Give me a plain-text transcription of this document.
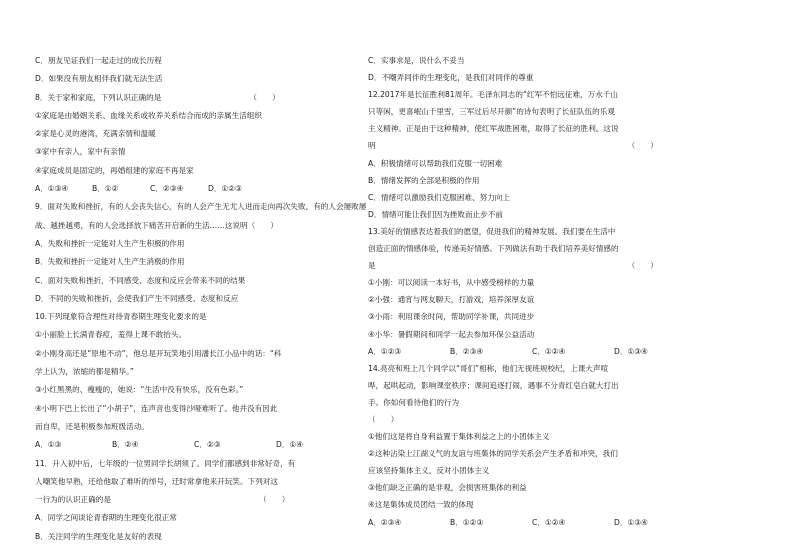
C．朋友见证我们一起走过的成长历程
D．如果没有朋友相伴我们就无法生活
8．关于家和家庭，下列认识正确的是	（　　）
①家庭是由婚姻关系、血缘关系或收养关系结合而成的亲属生活组织
②家是心灵的港湾，充满亲情和温暖
③家中有亲人，家中有亲情
④家庭成员是固定的，再婚组建的家庭不再是家
A．①③④	B．①②	C．②③④	D．①②③
9．面对失败和挫折，有的人会丧失信心，有的人会产生无尤人进而走向再次失败，有的人会屡败屡
战、越挫越勇，有的人会选择放下痛苦开启新的生活……这说明（　　）
A．失败和挫折一定能对人生产生积极的作用
B．失败和挫折一定能对人生产生消极的作用
C．面对失败和挫折，不同感受、态度和反应会带来不同的结果
D．不同的失败和挫折，会使我们产生不同感受、态度和反应
10.下列现象符合理性对待青春期生理变化要求的是
①小丽脸上长满青春痘，羞得上课不敢抬头。
②小刚身高还是“原地不动”，他总是开玩笑地引用潘长江小品中的话：“科
学上认为，浓缩的都是精华。”
③小红黑黑的、瘦瘦的，她说：“生活中没有快乐，没有色彩。”
④小明下巴上长出了“小胡子”，连声音也变得沙哑难听了。他并没有因此
而自卑，还是积极参加班级活动。
A．①③	B．②④	C．②③	D．①④
11．升入初中后，七年级的一位男同学长胡须了。同学们都感到非常好奇，有
人嘲笑他早熟，还给他取了难听的绰号，迁时常拿他来开玩笑。下列对这
一行为的认识正确的是	（　　）
A．同学之间谈论青春期的生理变化很正常
B．关注同学的生理变化是友好的表现
C．实事求是，说什么不妥当
D．不嘲弄同伴的生理变化，是我们对同伴的尊重
12.2017年是长征胜利81周年。毛泽东同志的“红军不怕远征难，万水千山
只等闲，更喜岷山千里雪，三军过后尽开颜”的诗句表明了长征队伍的乐观
主义精神。正是由于这种精神，使红军战胜困难，取得了长征的胜利。这说
明	（　　）
A．积极情绪可以帮助我们克服一切困难
B．情绪发挥的全部是积极的作用
C．情绪可以激励我们克服困难、努力向上
D．情绪可能让我们因为挫败而止步不前
13.美好的情感表达着我们的愿望，促进我们的精神发展。我们要在生活中
创造正面的情感体验，传递美好情感。下列做法有助于我们培养美好情感的
是	（　　）
①小刚：可以阅读一本好书，从中感受榜样的力量
②小强：通宵与网友聊天，打游戏，培养深厚友谊
③小雨：利用课余时间，帮助同学补课，共同进步
④小华：暑假期间和同学一起去参加环保公益活动
A．①②③	B．②③④	C．①②④	D．①③④
14.亮亮和班上几个同学以“哥们”相称，他们无视班规校纪，上课大声喧
哗，起哄起动，影响课堂秩序；课间追逐打闹，遇事不分青红皂白就大打出
手。你如何看待他们的行为
（　　）
①他们这是将自身利益置于集体利益之上的小团体主义
②这种沾染上江湖义气的友谊与班集体的同学关系会产生矛盾和冲突，我们
应该坚持集体主义，反对小团体主义
③他们缺乏正确的是非观，会损害班集体的利益
④这是集体成员团结一致的体现
A．②③④	B．①②③	C．①②④	D．①③④
